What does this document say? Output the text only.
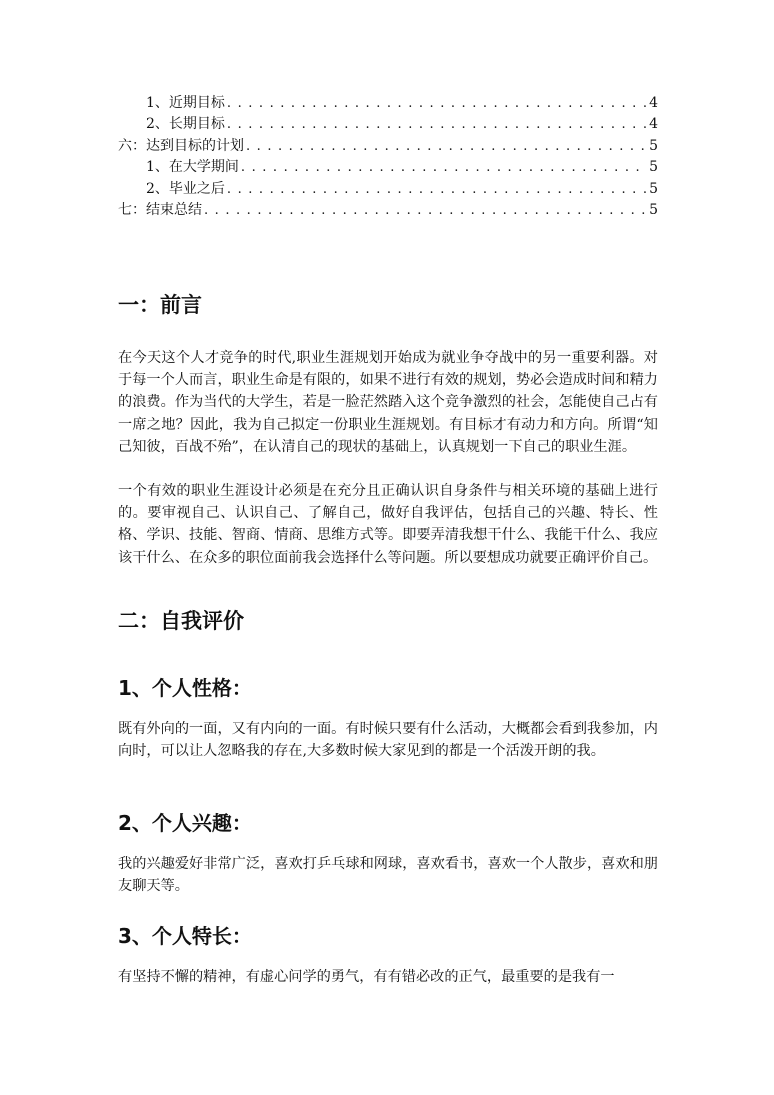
1、近期目标 . . .	4
2、长期目标 . . .	4
六：达到目标的计划 . . .	5
1、在大学期间 . . .	5
2、毕业之后 . . .	5
七：结束总结 . . .	5
一：前言

在今天这个人才竞争的时代,职业生涯规划开始成为就业争夺战中的另一重要利器。对于每一个人而言，职业生命是有限的，如果不进行有效的规划，势必会造成时间和精力的浪费。作为当代的大学生，若是一脸茫然踏入这个竞争激烈的社会，怎能使自己占有一席之地？因此，我为自己拟定一份职业生涯规划。有目标才有动力和方向。所谓“知己知彼，百战不殆”，在认清自己的现状的基础上，认真规划一下自己的职业生涯。

一个有效的职业生涯设计必须是在充分且正确认识自身条件与相关环境的基础上进行的。要审视自己、认识自己、了解自己，做好自我评估，包括自己的兴趣、特长、性格、学识、技能、智商、情商、思维方式等。即要弄清我想干什么、我能干什么、我应该干什么、在众多的职位面前我会选择什么等问题。所以要想成功就要正确评价自己。

二：自我评价
1、个人性格：

既有外向的一面，又有内向的一面。有时候只要有什么活动，大概都会看到我参加，内向时，可以让人忽略我的存在,大多数时候大家见到的都是一个活泼开朗的我。

2、个人兴趣：

我的兴趣爱好非常广泛，喜欢打乒乓球和网球，喜欢看书，喜欢一个人散步，喜欢和朋友聊天等。

3、个人特长：

有坚持不懈的精神，有虚心问学的勇气，有有错必改的正气，最重要的是我有一
